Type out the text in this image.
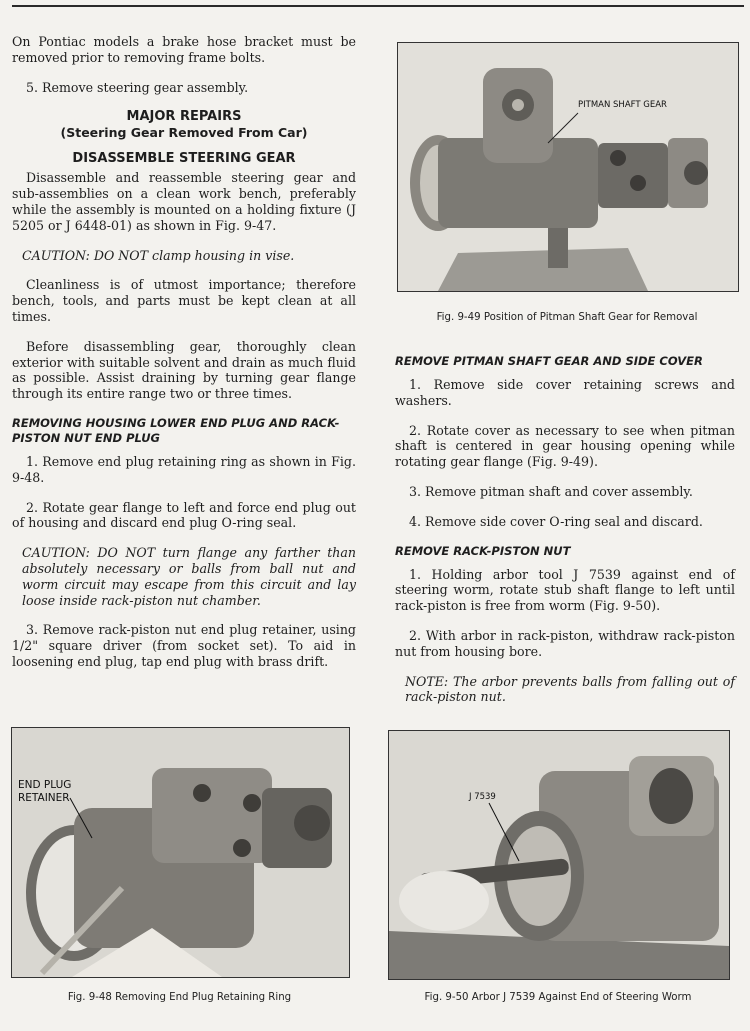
On Pontiac models a brake hose bracket must be removed prior to removing frame bolts.

5. Remove steering gear assembly.

MAJOR REPAIRS
(Steering Gear Removed From Car)
DISASSEMBLE STEERING GEAR

Disassemble and reassemble steering gear and sub-assemblies on a clean work bench, preferably while the assembly is mounted on a holding fixture (J 5205 or J 6448-01) as shown in Fig. 9-47.

CAUTION: DO NOT clamp housing in vise.

Cleanliness is of utmost importance; therefore bench, tools, and parts must be kept clean at all times.

Before disassembling gear, thoroughly clean exterior with suitable solvent and drain as much fluid as possible. Assist draining by turning gear flange through its entire range two or three times.

REMOVING HOUSING LOWER END PLUG AND RACK-PISTON NUT END PLUG

1. Remove end plug retaining ring as shown in Fig. 9-48.

2. Rotate gear flange to left and force end plug out of housing and discard end plug O-ring seal.

CAUTION: DO NOT turn flange any farther than absolutely necessary or balls from ball nut and worm circuit may escape from this circuit and lay loose inside rack-piston nut chamber.

3. Remove rack-piston nut end plug retainer, using 1/2" square driver (from socket set). To aid in loosening end plug, tap end plug with brass drift.

REMOVE PITMAN SHAFT GEAR AND SIDE COVER

1. Remove side cover retaining screws and washers.

2. Rotate cover as necessary to see when pitman shaft is centered in gear housing opening while rotating gear flange (Fig. 9-49).

3. Remove pitman shaft and cover assembly.

4. Remove side cover O-ring seal and discard.

REMOVE RACK-PISTON NUT

1. Holding arbor tool J 7539 against end of steering worm, rotate stub shaft flange to left until rack-piston is free from worm (Fig. 9-50).

2. With arbor in rack-piston, withdraw rack-piston nut from housing bore.

NOTE: The arbor prevents balls from falling out of rack-piston nut.

PITMAN SHAFT GEAR
Fig. 9-49 Position of Pitman Shaft Gear for Removal
END PLUG
RETAINER
Fig. 9-48 Removing End Plug Retaining Ring
J 7539
Fig. 9-50 Arbor J 7539 Against End of Steering Worm
